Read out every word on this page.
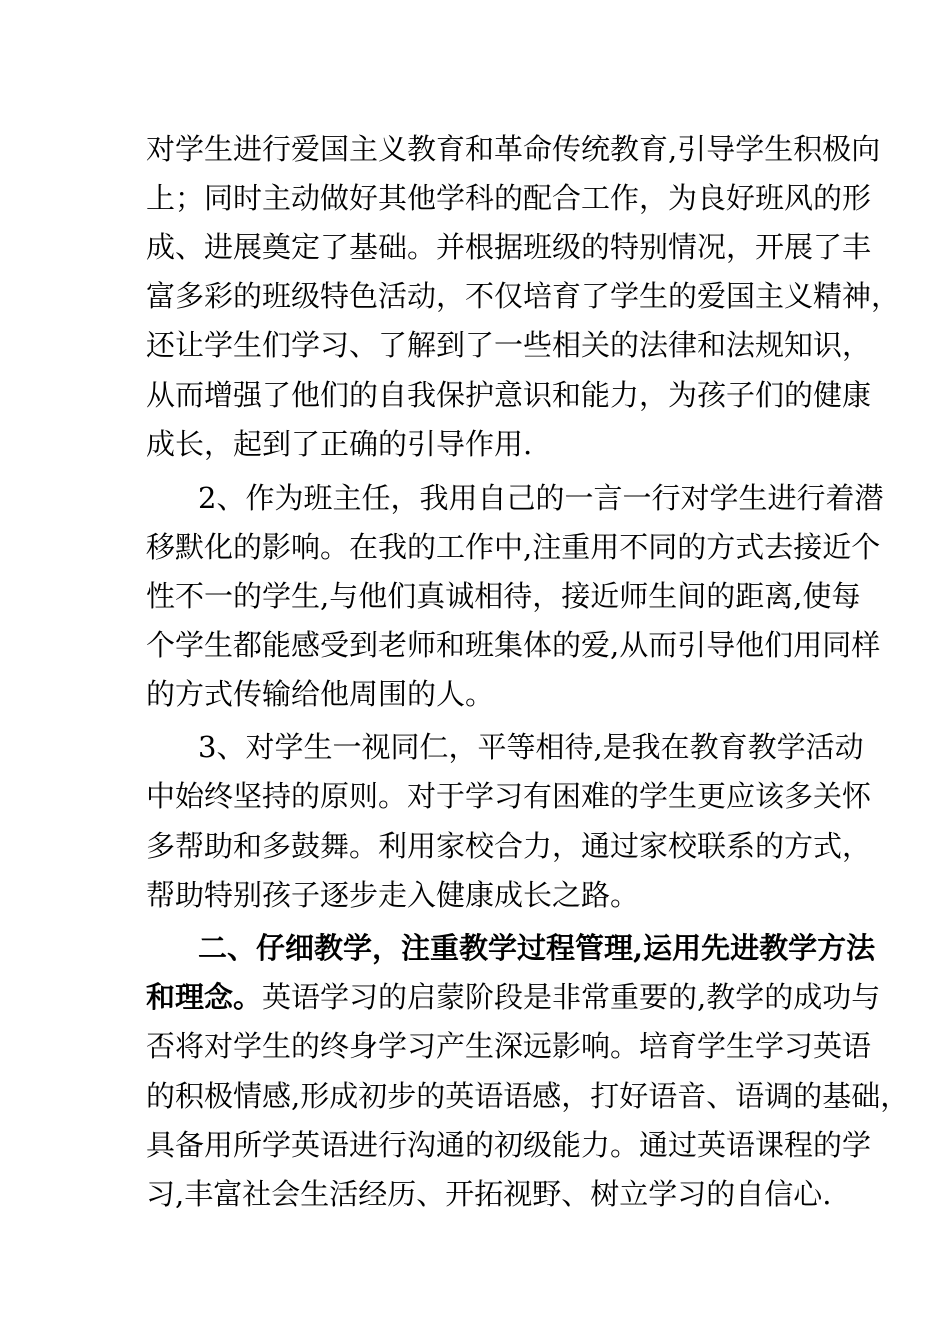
对学生进行爱国主义教育和革命传统教育,引导学生积极向

上；同时主动做好其他学科的配合工作，为良好班风的形

成、进展奠定了基础。并根据班级的特别情况，开展了丰

富多彩的班级特色活动，不仅培育了学生的爱国主义精神，

还让学生们学习、了解到了一些相关的法律和法规知识，

从而增强了他们的自我保护意识和能力，为孩子们的健康

成长，起到了正确的引导作用.

2、作为班主任，我用自己的一言一行对学生进行着潜

移默化的影响。在我的工作中,注重用不同的方式去接近个

性不一的学生,与他们真诚相待，接近师生间的距离,使每

个学生都能感受到老师和班集体的爱,从而引导他们用同样

的方式传输给他周围的人。

3、对学生一视同仁，平等相待,是我在教育教学活动

中始终坚持的原则。对于学习有困难的学生更应该多关怀

多帮助和多鼓舞。利用家校合力，通过家校联系的方式，

帮助特别孩子逐步走入健康成长之路。

二、仔细教学，注重教学过程管理,运用先进教学方法

和理念。英语学习的启蒙阶段是非常重要的,教学的成功与

否将对学生的终身学习产生深远影响。培育学生学习英语

的积极情感,形成初步的英语语感，打好语音、语调的基础，

具备用所学英语进行沟通的初级能力。通过英语课程的学

习,丰富社会生活经历、开拓视野、树立学习的自信心.
